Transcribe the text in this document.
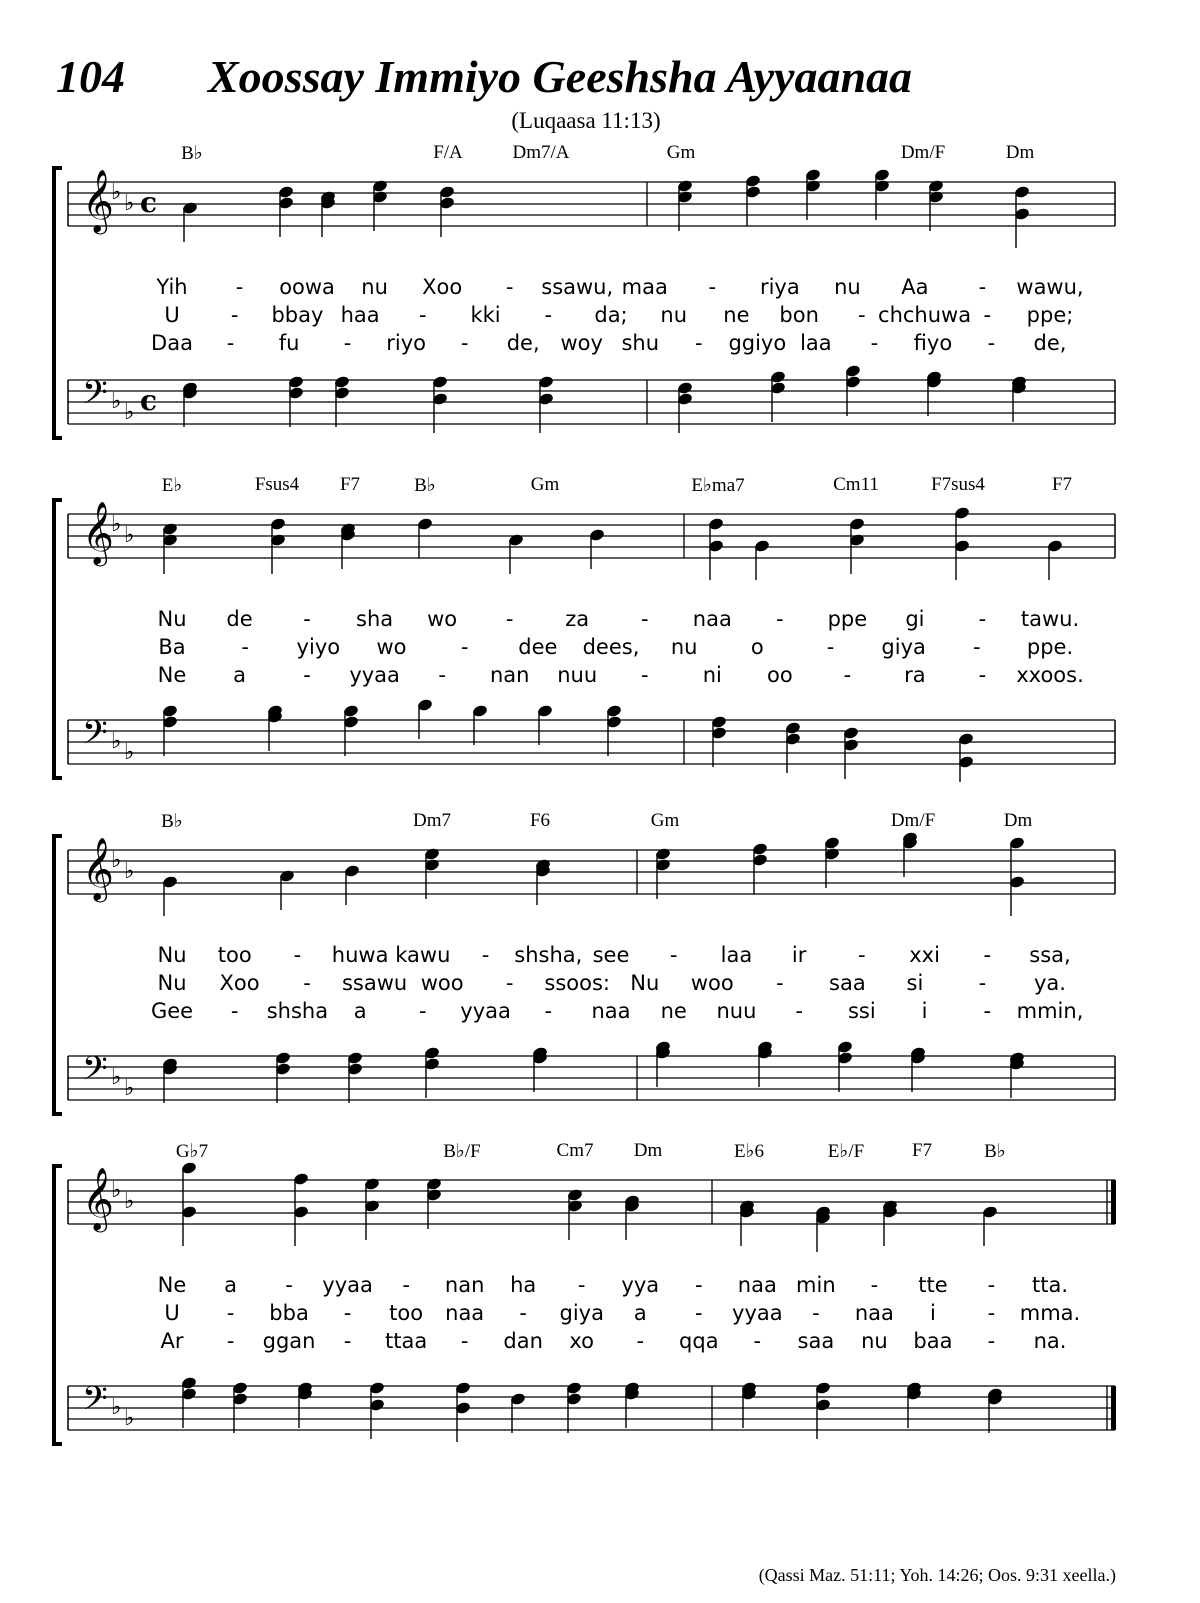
104 Xoossay Immiyo Geeshsha Ayyaanaa
(Luqaasa 11:13)
𝄞
♭ ♭ c
𝄢 ♭ ♭ c
B♭	F/A	Dm7/A	Gm	Dm/F	Dm
Yih - oowa nu Xoo - ssawu, maa - riya nu Aa - wawu,
U - bbay haa - kki - da; nu ne bon - chchuwa - ppe;
Daa - fu - riyo - de, woy shu - ggiyo laa - fiyo - de,
𝄞
♭ ♭
𝄢 ♭ ♭
E♭	Fsus4 F7	B♭	Gm	E♭ma7	Cm11	F7sus4	F7
Nu de - sha wo - za - naa - ppe gi	- tawu.
Ba	- yiyo wo	- dee dees, nu	o	- giya - ppe.
Ne a	- yyaa - nan nuu -	ni oo -	ra	- xxoos.
𝄞
♭ ♭
𝄢 ♭ ♭
B♭	Dm7	F6	Gm	Dm/F	Dm
Nu too - huwa kawu - shsha, see - laa ir - xxi - ssa,
Nu Xoo - ssawu woo - ssoos: Nu woo - saa si	- ya.
Gee - shsha a - yyaa - naa ne nuu - ssi i	- mmin,
𝄞
♭ ♭
𝄢 ♭ ♭
G♭7	B♭/F	Cm7 Dm	E♭6	E♭/F	F7	B♭
Ne a - yyaa - nan ha - yya - naa min - tte - tta.
U - bba - too naa - giya a - yyaa - naa i - mma.
Ar - ggan - ttaa - dan xo - qqa - saa nu baa - na.
(Qassi Maz. 51:11; Yoh. 14:26; Oos. 9:31 xeella.)
